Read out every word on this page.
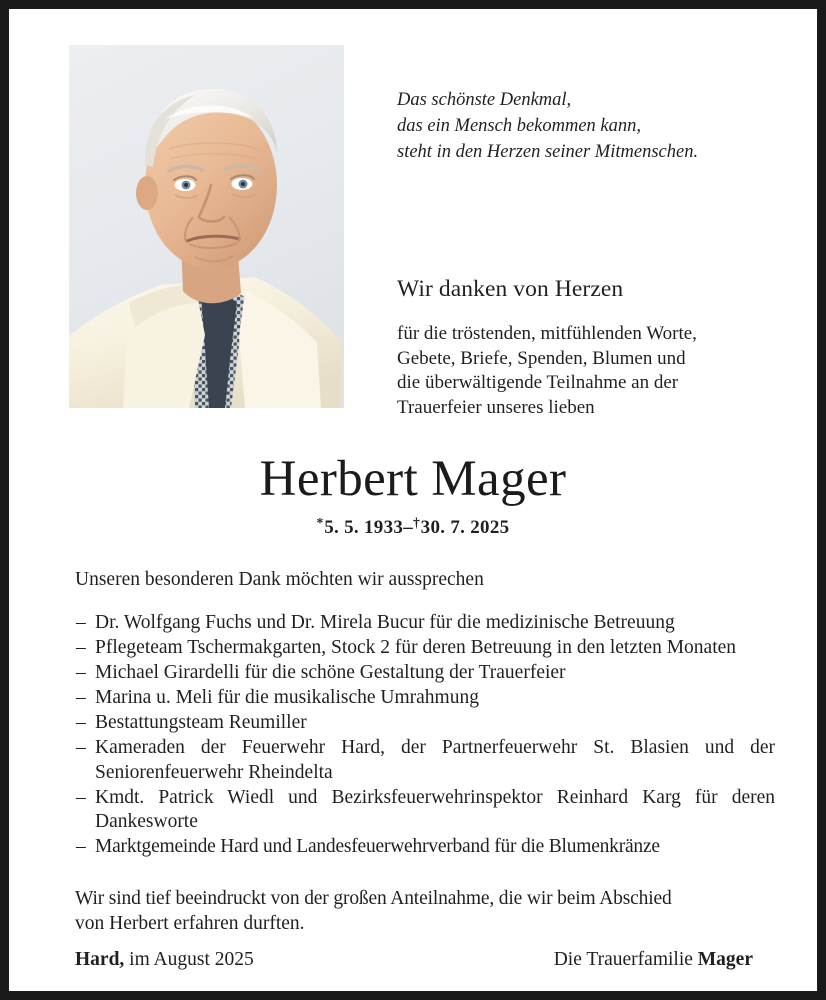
Das schönste Denkmal,
das ein Mensch bekommen kann,
steht in den Herzen seiner Mitmenschen.
Wir danken von Herzen
für die tröstenden, mitfühlenden Worte,
Gebete, Briefe, Spenden, Blumen und
die überwältigende Teilnahme an der
Trauerfeier unseres lieben
Herbert Mager
*5. 5. 1933–†30. 7. 2025
Unseren besonderen Dank möchten wir aussprechen
– Dr. Wolfgang Fuchs und Dr. Mirela Bucur für die medizinische Betreuung
– Pflegeteam Tschermakgarten, Stock 2 für deren Betreuung in den letzten Monaten
– Michael Girardelli für die schöne Gestaltung der Trauerfeier
– Marina u. Meli für die musikalische Umrahmung
– Bestattungsteam Reumiller
– Kameraden der Feuerwehr Hard, der Partnerfeuerwehr St. Blasien und der Seniorenfeuerwehr Rheindelta
– Kmdt. Patrick Wiedl und Bezirksfeuerwehrinspektor Reinhard Karg für deren Dankesworte
– Marktgemeinde Hard und Landesfeuerwehrverband für die Blumenkränze
Wir sind tief beeindruckt von der großen Anteilnahme, die wir beim Abschied
von Herbert erfahren durften.
Hard, im August 2025	Die Trauerfamilie Mager
